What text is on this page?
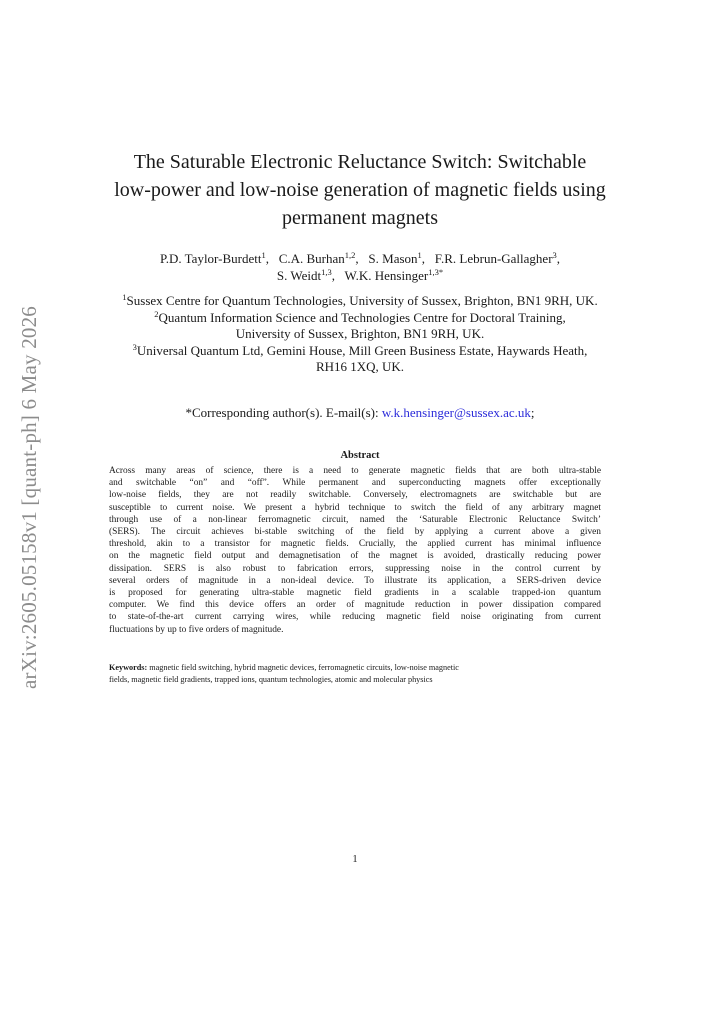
arXiv:2605.05158v1 [quant-ph] 6 May 2026
The Saturable Electronic Reluctance Switch: Switchable
low-power and low-noise generation of magnetic fields using
permanent magnets
P.D. Taylor-Burdett$^1$,   C.A. Burhan$^{1,2}$,   S. Mason$^1$,   F.R. Lebrun-Gallagher$^3$,
S. Weidt$^{1,3}$,   W.K. Hensinger$^{1,3*}$
$^1$Sussex Centre for Quantum Technologies, University of Sussex, Brighton, BN1 9RH, UK.
$^2$Quantum Information Science and Technologies Centre for Doctoral Training,
University of Sussex, Brighton, BN1 9RH, UK.
$^3$Universal Quantum Ltd, Gemini House, Mill Green Business Estate, Haywards Heath,
RH16 1XQ, UK.
*Corresponding author(s). E-mail(s): w.k.hensinger@sussex.ac.uk;
Abstract
Across many areas of science, there is a need to generate magnetic fields that are both ultra-stable
and switchable “on” and “off”. While permanent and superconducting magnets offer exceptionally
low-noise fields, they are not readily switchable. Conversely, electromagnets are switchable but are
susceptible to current noise. We present a hybrid technique to switch the field of any arbitrary magnet
through use of a non-linear ferromagnetic circuit, named the ‘Saturable Electronic Reluctance Switch’
(SERS). The circuit achieves bi-stable switching of the field by applying a current above a given
threshold, akin to a transistor for magnetic fields. Crucially, the applied current has minimal influence
on the magnetic field output and demagnetisation of the magnet is avoided, drastically reducing power
dissipation. SERS is also robust to fabrication errors, suppressing noise in the control current by
several orders of magnitude in a non-ideal device. To illustrate its application, a SERS-driven device
is proposed for generating ultra-stable magnetic field gradients in a scalable trapped-ion quantum
computer. We find this device offers an order of magnitude reduction in power dissipation compared
to state-of-the-art current carrying wires, while reducing magnetic field noise originating from current
fluctuations by up to five orders of magnitude.
Keywords: magnetic field switching, hybrid magnetic devices, ferromagnetic circuits, low-noise magnetic
fields, magnetic field gradients, trapped ions, quantum technologies, atomic and molecular physics
1
